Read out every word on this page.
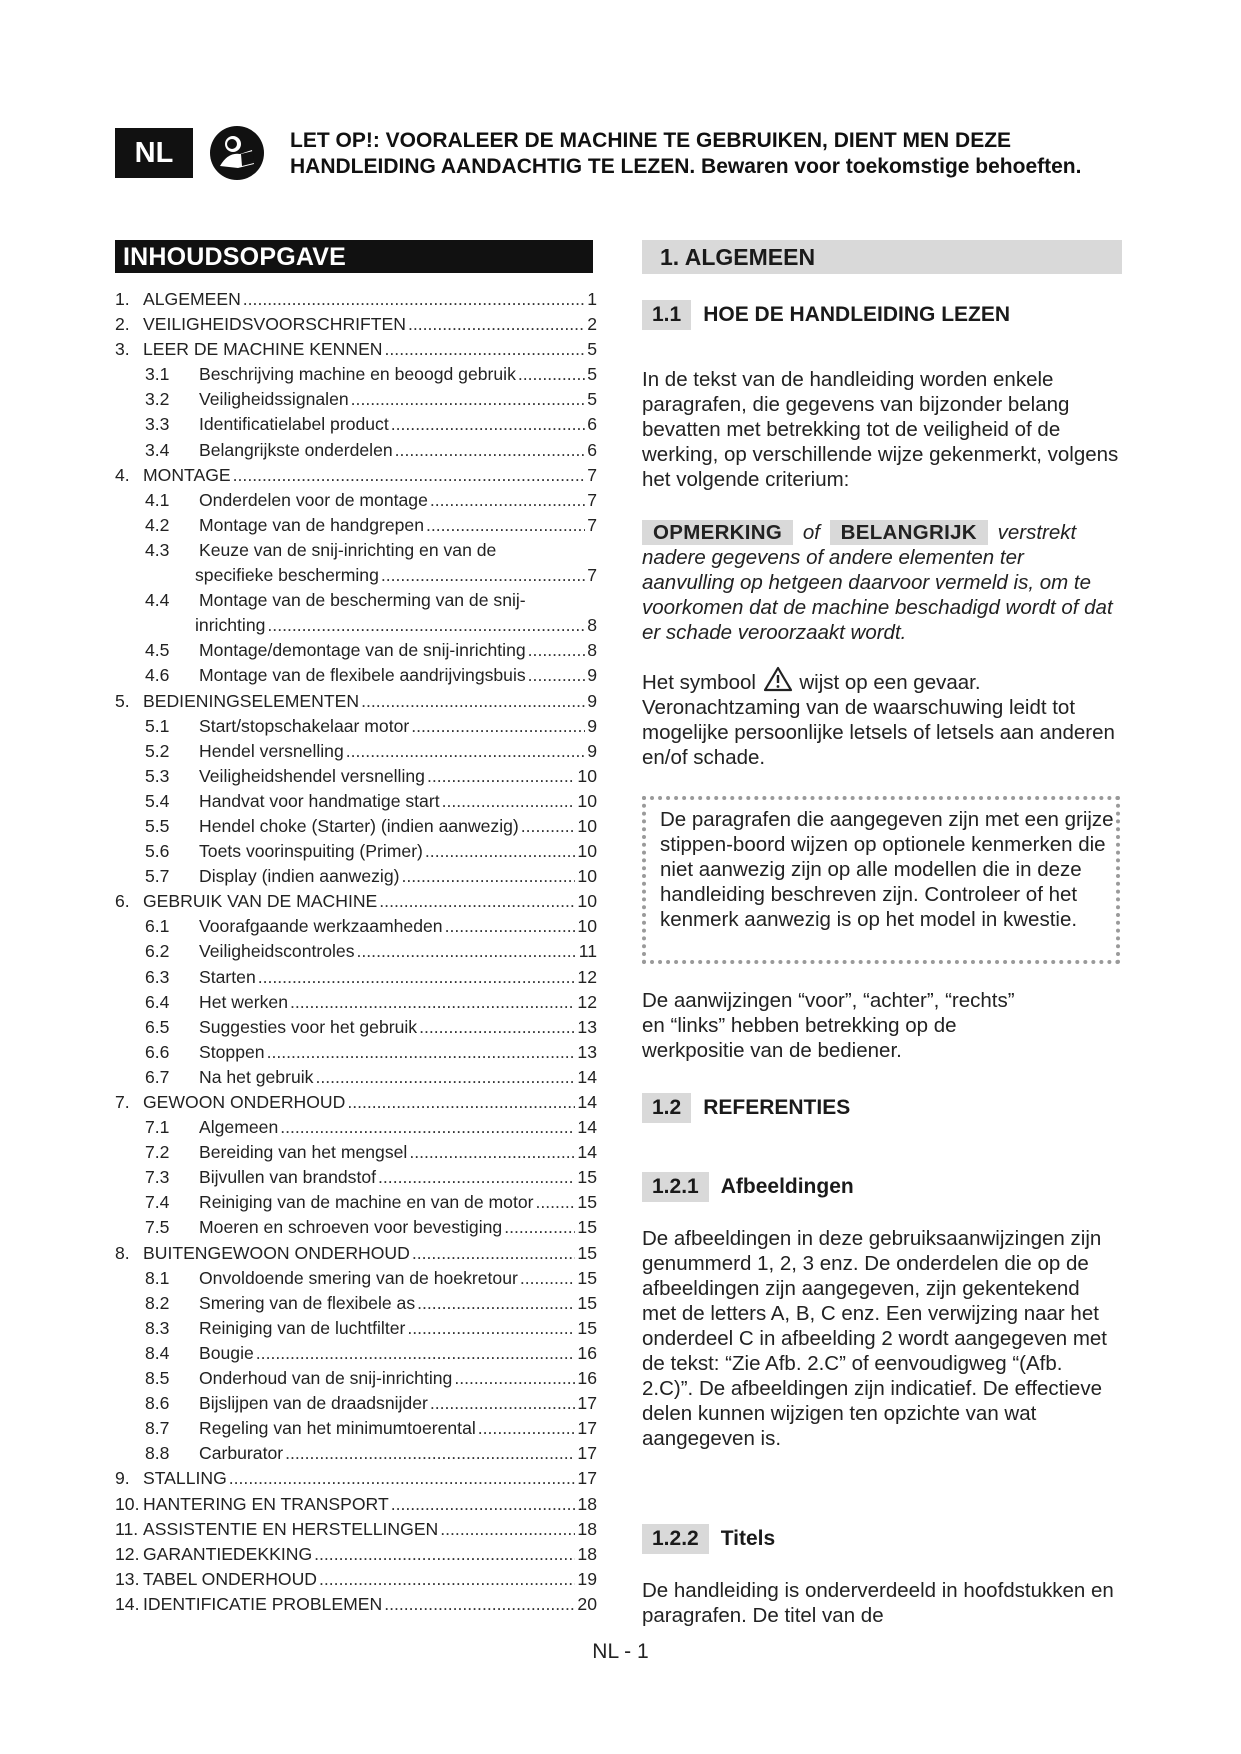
NL	LET OP!: VOORALEER DE MACHINE TE GEBRUIKEN, DIENT MEN DEZE
HANDLEIDING AANDACHTIG TE LEZEN. Bewaren voor toekomstige behoeften.
INHOUDSOPGAVE
1. ALGEMEEN .....	1
2. VEILIGHEIDSVOORSCHRIFTEN .....	2
3. LEER DE MACHINE KENNEN .....	5
3.1	Beschrijving machine en beoogd gebruik .....	5
3.2	Veiligheidssignalen .....	5
3.3	Identificatielabel product .....	6
3.4	Belangrijkste onderdelen .....	6
4. MONTAGE .....	7
4.1	Onderdelen voor de montage .....	7
4.2	Montage van de handgrepen .....	7
4.3	Keuze van de snij-inrichting en van de
specifieke bescherming .....	7
4.4	Montage van de bescherming van de snij-
inrichting .....	8
4.5	Montage/demontage van de snij-inrichting .....	8
4.6	Montage van de flexibele aandrijvingsbuis .....	9
5. BEDIENINGSELEMENTEN .....	9
5.1	Start/stopschakelaar motor .....	9
5.2	Hendel versnelling .....	9
5.3	Veiligheidshendel versnelling .....	10
5.4	Handvat voor handmatige start .....	10
5.5	Hendel choke (Starter) (indien aanwezig) .....	10
5.6	Toets voorinspuiting (Primer) .....	10
5.7	Display (indien aanwezig) .....	10
6. GEBRUIK VAN DE MACHINE .....	10
6.1	Voorafgaande werkzaamheden .....	10
6.2	Veiligheidscontroles .....	11
6.3	Starten .....	12
6.4	Het werken .....	12
6.5	Suggesties voor het gebruik .....	13
6.6	Stoppen .....	13
6.7	Na het gebruik .....	14
7. GEWOON ONDERHOUD .....	14
7.1	Algemeen .....	14
7.2	Bereiding van het mengsel .....	14
7.3	Bijvullen van brandstof .....	15
7.4	Reiniging van de machine en van de motor ..... 15
7.5	Moeren en schroeven voor bevestiging .....	15
8. BUITENGEWOON ONDERHOUD .....	15
8.1	Onvoldoende smering van de hoekretour .....	15
8.2	Smering van de flexibele as .....	15
8.3	Reiniging van de luchtfilter .....	15
8.4	Bougie .....	16
8.5	Onderhoud van de snij-inrichting .....	16
8.6	Bijslijpen van de draadsnijder .....	17
8.7	Regeling van het minimumtoerental .....	17
8.8	Carburator .....	17
9. STALLING .....	17
10. HANTERING EN TRANSPORT .....	18
11. ASSISTENTIE EN HERSTELLINGEN .....	18
12. GARANTIEDEKKING .....	18
13. TABEL ONDERHOUD .....	19
14. IDENTIFICATIE PROBLEMEN .....	20
1. ALGEMEEN
1.1	HOE DE HANDLEIDING LEZEN
In de tekst van de handleiding worden enkele paragrafen, die gegevens van bijzonder belang bevatten met betrekking tot de veiligheid of de werking, op verschillende wijze gekenmerkt, volgens het volgende criterium:
OPMERKING of BELANGRIJK verstrekt nadere gegevens of andere elementen ter aanvulling op hetgeen daarvoor vermeld is, om te voorkomen dat de machine beschadigd wordt of dat er schade veroorzaakt wordt.
Het symbool wijst op een gevaar. Veronachtzaming van de waarschuwing leidt tot mogelijke persoonlijke letsels of letsels aan anderen en/of schade.
De paragrafen die aangegeven zijn met een grijze stippen-boord wijzen op optionele kenmerken die niet aanwezig zijn op alle modellen die in deze handleiding beschreven zijn. Controleer of het kenmerk aanwezig is op het model in kwestie.
De aanwijzingen “voor”, “achter”, “rechts” en “links” hebben betrekking op de werkpositie van de bediener.
1.2	REFERENTIES
1.2.1	Afbeeldingen
De afbeeldingen in deze gebruiksaanwijzingen zijn genummerd 1, 2, 3 enz. De onderdelen die op de afbeeldingen zijn aangegeven, zijn gekentekend met de letters A, B, C enz. Een verwijzing naar het onderdeel C in afbeelding 2 wordt aangegeven met de tekst: “Zie Afb. 2.C” of eenvoudigweg “(Afb. 2.C)”. De afbeeldingen zijn indicatief. De effectieve delen kunnen wijzigen ten opzichte van wat aangegeven is.
1.2.2	Titels
De handleiding is onderverdeeld in hoofdstukken en paragrafen. De titel van de
NL - 1
